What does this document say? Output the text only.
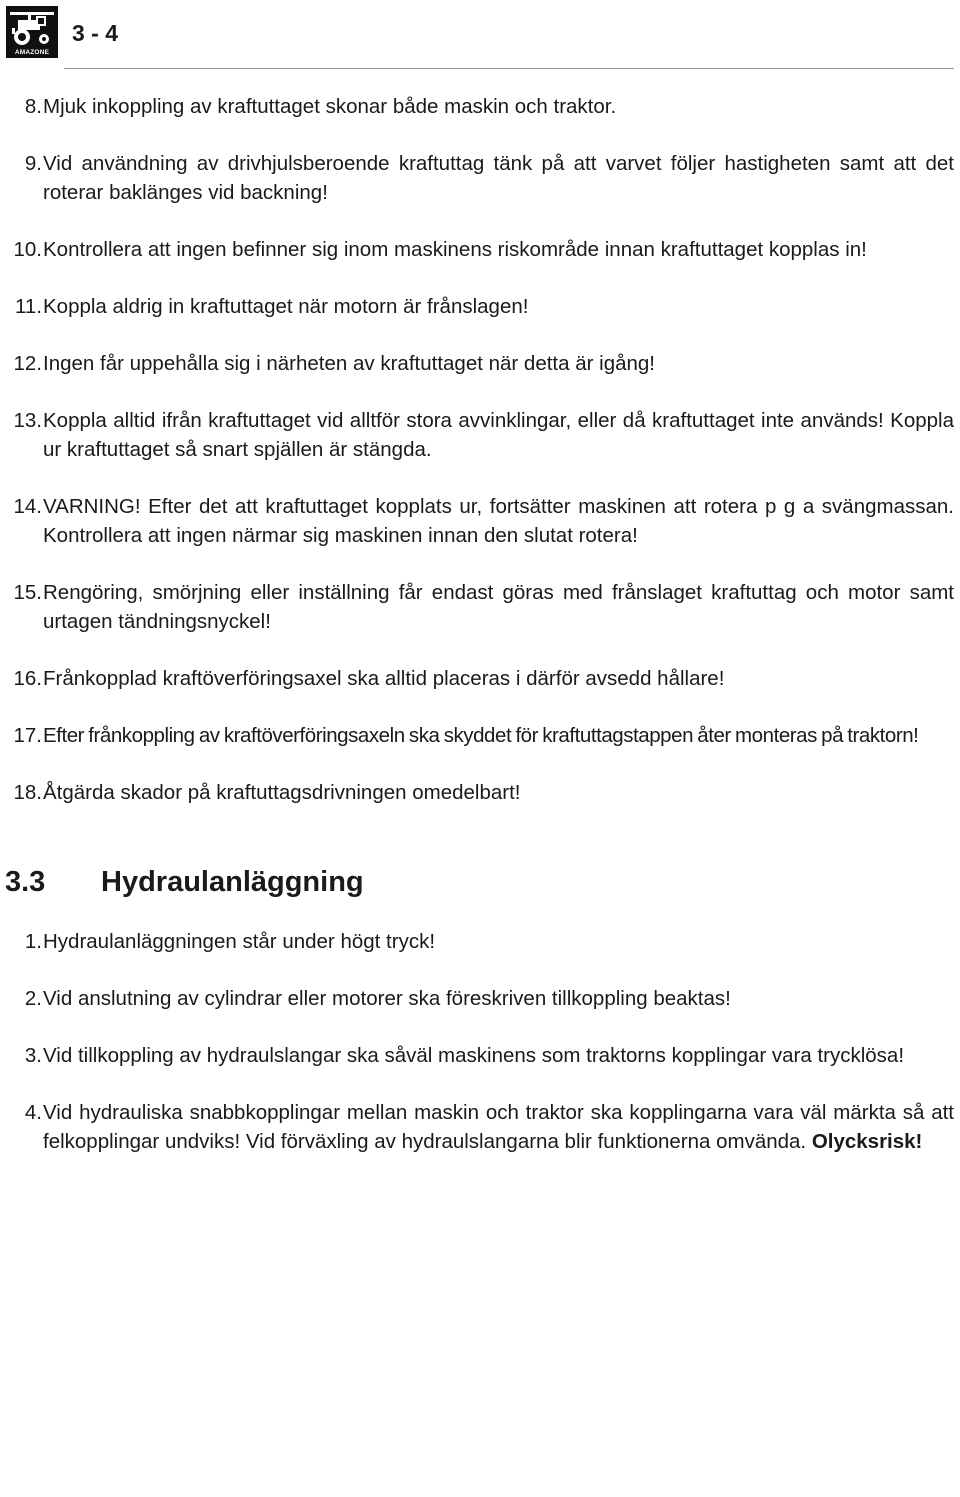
AMAZONE
3 - 4
8. Mjuk inkoppling av kraftuttaget skonar både maskin och traktor.
9. Vid användning av drivhjulsberoende kraftuttag tänk på att varvet följer hastigheten samt att det roterar baklänges vid backning!
10. Kontrollera att ingen befinner sig inom maskinens riskområde innan kraftuttaget kopplas in!
11. Koppla aldrig in kraftuttaget när motorn är frånslagen!
12. Ingen får uppehålla sig i närheten av kraftuttaget när detta är igång!
13. Koppla alltid ifrån kraftuttaget vid alltför stora avvinklingar, eller då kraftuttaget inte används! Koppla ur kraftuttaget så snart spjällen är stängda.
14. VARNING! Efter det att kraftuttaget kopplats ur, fortsätter maskinen att rotera p g a svängmassan. Kontrollera att ingen närmar sig maskinen innan den slutat rotera!
15. Rengöring, smörjning eller inställning får endast göras med frånslaget kraftuttag och motor samt urtagen tändningsnyckel!
16. Frånkopplad kraftöverföringsaxel ska alltid placeras i därför avsedd hållare!
17. Efter frånkoppling av kraftöverföringsaxeln ska skyddet för kraftuttagstappen åter monteras på traktorn!
18. Åtgärda skador på kraftuttagsdrivningen omedelbart!
3.3 Hydraulanläggning
1. Hydraulanläggningen står under högt tryck!
2. Vid anslutning av cylindrar eller motorer ska föreskriven tillkoppling beaktas!
3. Vid tillkoppling av hydraulslangar ska såväl maskinens som traktorns kopplingar vara trycklösa!
4. Vid hydrauliska snabbkopplingar mellan maskin och traktor ska kopplingarna vara väl märkta så att felkopplingar undviks! Vid förväxling av hydraulslangarna blir funktionerna omvända. Olycksrisk!
